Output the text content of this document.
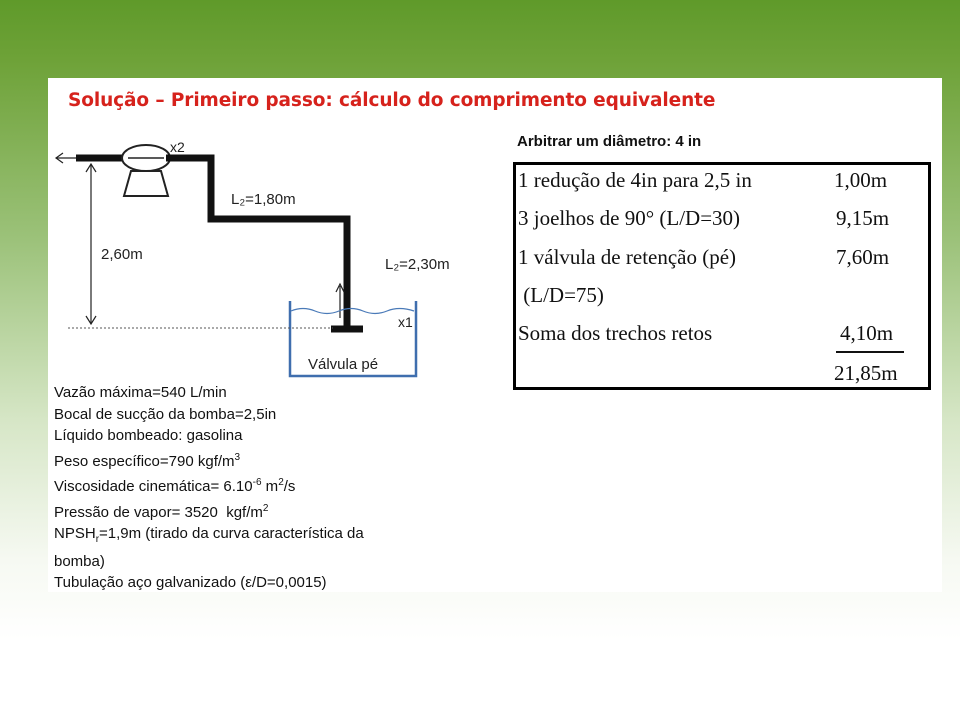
Solução – Primeiro passo: cálculo do comprimento equivalente
2,60m
L₂=1,80m
L₂=2,30m
x2
x1
Válvula pé
Arbitrar um diâmetro: 4 in
1 redução de 4in para 2,5 in	1,00m
3 joelhos de 90° (L/D=30)	9,15m
1 válvula de retenção (pé)	7,60m
(L/D=75)
Soma dos trechos retos	4,10m
21,85m
Vazão máxima=540 L/min
Bocal de sucção da bomba=2,5in
Líquido bombeado: gasolina
Peso específico=790 kgf/$m^3$
Viscosidade cinemática= $6.10^{-6}$ $m^2/s$
Pressão de vapor= 3520  kgf/$m^2$
$NPSH_r=1,9m$ (tirado da curva característica da
bomba)
Tubulação aço galvanizado (ε/D=0,0015)
